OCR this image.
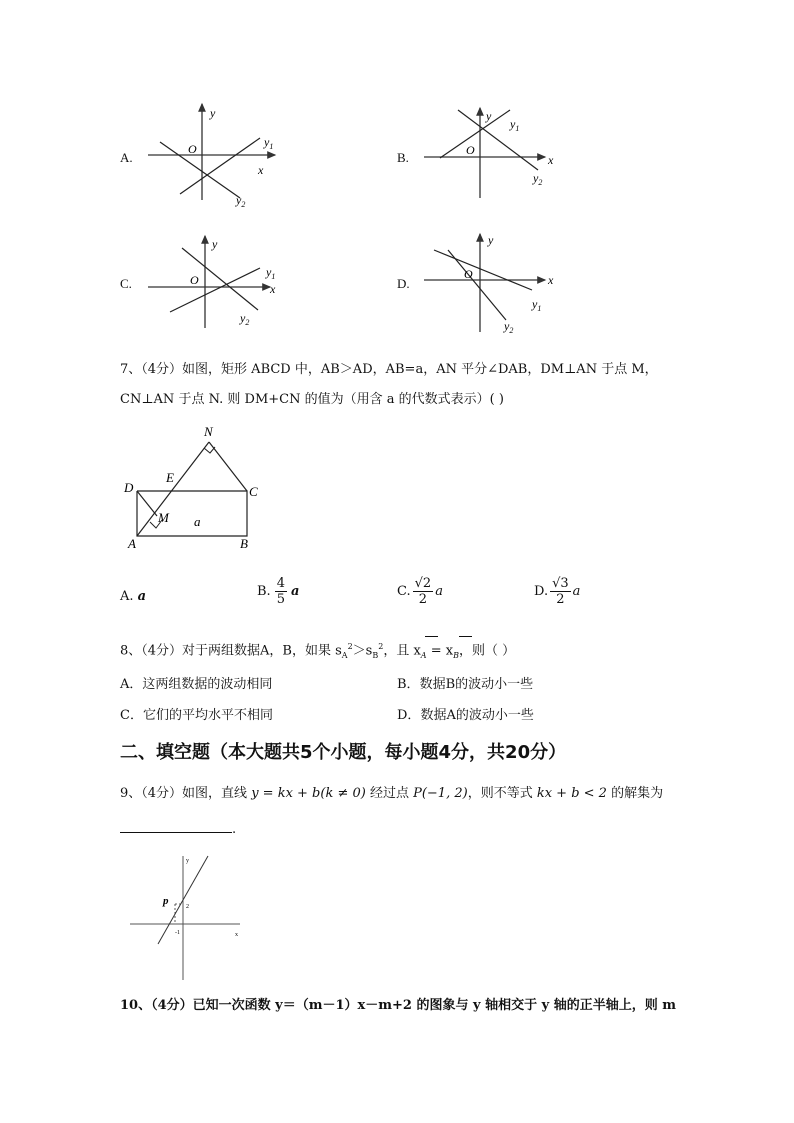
A.
y
O
x
$y_1$
$y_2$
B.
y
O
x
$y_1$
$y_2$
C.
y
O
x
$y_1$
$y_2$
D.
y
O	x
$y_1$
$y_2$
7、（4分）如图，矩形 ABCD 中，AB＞AD，AB=a，AN 平分∠DAB，DM⊥AN 于点 M，
CN⊥AN 于点 N. 则 DM+CN 的值为（用含 a 的代数式表示）( )
N
E
D	C
M a
A	B
A. a	B. $\frac{4}{5}$ a	C. $\frac{√2}{2}$ a	D. $\frac{√3}{2}$ a
8、（4分）对于两组数据A，B，如果 $s_A^2>s_B^2$，且 $x_A = x_B$，则（ ）
A．这两组数据的波动相同	B．数据B的波动小一些
C．它们的平均水平不相同	D．数据A的波动小一些
二、填空题（本大题共5个小题，每小题4分，共20分）
9、（4分）如图，直线 y = kx + b(k ≠ 0) 经过点 P(−1, 2)，则不等式 kx + b < 2 的解集为
.
p	2
-1	x
y
10、（4分）已知一次函数 y＝（m－1）x－m+2 的图象与 y 轴相交于 y 轴的正半轴上，则 m
